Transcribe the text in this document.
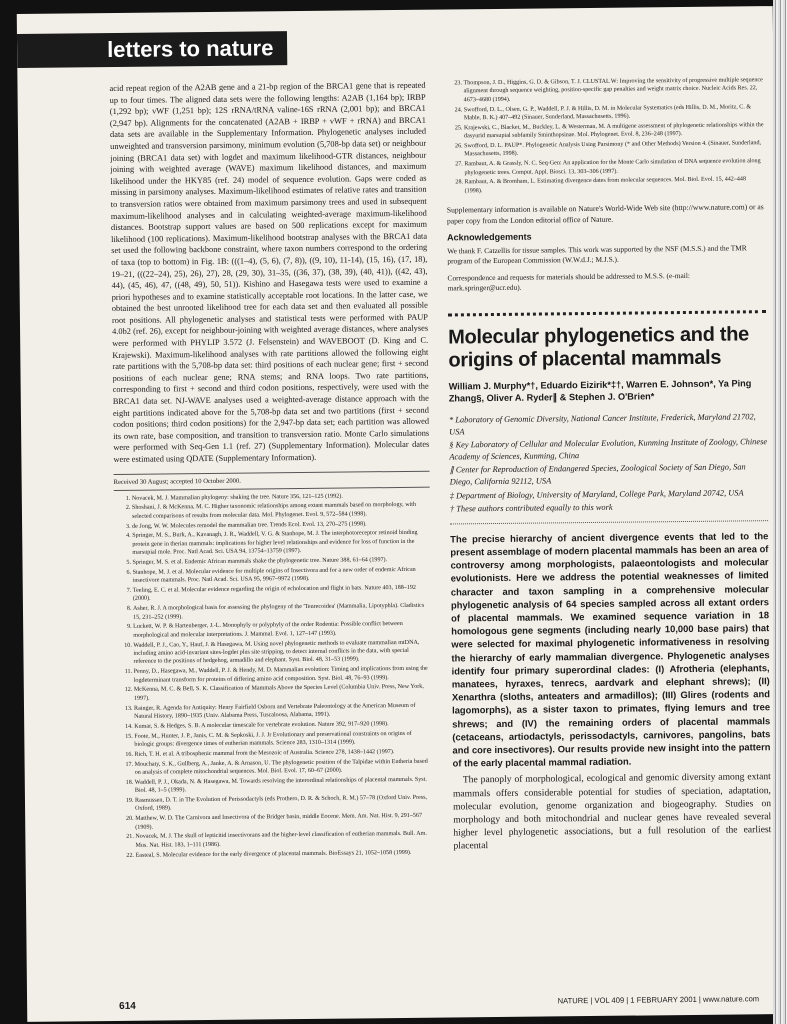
letters to nature

acid repeat region of the A2AB gene and a 21-bp region of the BRCA1 gene that is repeated up to four times. The aligned data sets were the following lengths: A2AB (1,164 bp); IRBP (1,292 bp); vWF (1,251 bp); 12S rRNA/tRNA valine-16S rRNA (2,001 bp); and BRCA1 (2,947 bp). Alignments for the concatenated (A2AB + IRBP + vWF + rRNA) and BRCA1 data sets are available in the Supplementary Information. Phylogenetic analyses included unweighted and transversion parsimony, minimum evolution (5,708-bp data set) or neighbour joining (BRCA1 data set) with logdet and maximum likelihood-GTR distances, neighbour joining with weighted average (WAVE) maximum likelihood distances, and maximum likelihood under the HKY85 (ref. 24) model of sequence evolution. Gaps were coded as missing in parsimony analyses. Maximum-likelihood estimates of relative rates and transition to transversion ratios were obtained from maximum parsimony trees and used in subsequent maximum-likelihood analyses and in calculating weighted-average maximum-likelihood distances. Bootstrap support values are based on 500 replications except for maximum likelihood (100 replications). Maximum-likelihood bootstrap analyses with the BRCA1 data set used the following backbone constraint, where taxon numbers correspond to the ordering of taxa (top to bottom) in Fig. 1B: (((1–4), (5, 6), (7, 8)), ((9, 10), 11-14), (15, 16), (17, 18), 19–21, (((22–24), 25), 26), 27), 28, (29, 30), 31–35, ((36, 37), (38, 39), (40, 41)), ((42, 43), 44), (45, 46), 47, ((48, 49), 50, 51)). Kishino and Hasegawa tests were used to examine a priori hypotheses and to examine statistically acceptable root locations. In the latter case, we obtained the best unrooted likelihood tree for each data set and then evaluated all possible root positions. All phylogenetic analyses and statistical tests were performed with PAUP 4.0b2 (ref. 26), except for neighbour-joining with weighted average distances, where analyses were performed with PHYLIP 3.572 (J. Felsenstein) and WAVEBOOT (D. King and C. Krajewski). Maximum-likelihood analyses with rate partitions allowed the following eight rate partitions with the 5,708-bp data set: third positions of each nuclear gene; first + second positions of each nuclear gene; RNA stems; and RNA loops. Two rate partitions, corresponding to first + second and third codon positions, respectively, were used with the BRCA1 data set. NJ-WAVE analyses used a weighted-average distance approach with the eight partitions indicated above for the 5,708-bp data set and two partitions (first + second codon positions; third codon positions) for the 2,947-bp data set; each partition was allowed its own rate, base composition, and transition to transversion ratio. Monte Carlo simulations were performed with Seq-Gen 1.1 (ref. 27) (Supplementary Information). Molecular dates were estimated using QDATE (Supplementary Information).

Received 30 August; accepted 10 October 2000.
1. Novacek, M. J. Mammalian phylogeny: shaking the tree. Nature 356, 121–125 (1992).
2. Shoshani, J. & McKenna, M. C. Higher taxonomic relationships among extant mammals based on morphology, with selected comparisons of results from molecular data. Mol. Phylogenet. Evol. 9, 572–584 (1998).
3. de Jong, W. W. Molecules remodel the mammalian tree. Trends Ecol. Evol. 13, 270–275 (1998).
4. Springer, M. S., Burk, A., Kavanagh, J. R., Waddell, V. G. & Stanhope, M. J. The interphotoreceptor retinoid binding protein gene in therian mammals: implications for higher level relationships and evidence for loss of function in the marsupial mole. Proc. Natl Acad. Sci. USA 94, 13754–13759 (1997).
5. Springer, M. S. et al. Endemic African mammals shake the phylogenetic tree. Nature 388, 61–64 (1997).
6. Stanhope, M. J. et al. Molecular evidence for multiple origins of Insectivora and for a new order of endemic African insectivore mammals. Proc. Natl Acad. Sci. USA 95, 9967–9972 (1998).
7. Teeling, E. C. et al. Molecular evidence regarding the origin of echolocation and flight in bats. Nature 403, 188–192 (2000).
8. Asher, R. J. A morphological basis for assessing the phylogeny of the 'Tenrecoidea' (Mammalia, Lipotyphla). Cladistics 15, 231–252 (1999).
9. Luckett, W. P. & Hartenberger, J.-L. Monophyly or polyphyly of the order Rodentia: Possible conflict between morphological and molecular interpretations. J. Mammal. Evol. 1, 127–147 (1993).
10. Waddell, P. J., Cao, Y., Hauf, J. & Hasegawa, M. Using novel phylogenetic methods to evaluate mammalian mtDNA, including amino acid-invariant sites-logdet plus site stripping, to detect internal conflicts in the data, with special reference to the positions of hedgehog, armadillo and elephant. Syst. Biol. 48, 31–53 (1999).
11. Penny, D., Hasegawa, M., Waddell, P. J. & Hendy, M. D. Mammalian evolution: Timing and implications from using the logdeterminant transform for proteins of differing amino acid composition. Syst. Biol. 48, 76–93 (1999).
12. McKenna, M. C. & Bell, S. K. Classification of Mammals Above the Species Level (Columbia Univ. Press, New York, 1997).
13. Rainger, R. Agenda for Antiquity: Henry Fairfield Osborn and Vertebrate Paleontology at the American Museum of Natural History, 1890–1935 (Univ. Alabama Press, Tuscaloosa, Alabama, 1991).
14. Kumar, S. & Hedges, S. B. A molecular timescale for vertebrate evolution. Nature 392, 917–920 (1998).
15. Foote, M., Hunter, J. P., Janis, C. M. & Sepkoski, J. J. Jr Evolutionary and preservational constraints on origins of biologic groups: divergence times of eutherian mammals. Science 283, 1310–1314 (1999).
16. Rich, T. H. et al. A tribosphenic mammal from the Mesozoic of Australia. Science 278, 1438–1442 (1997).
17. Mouchaty, S. K., Gullberg, A., Janke, A. & Arnason, U. The phylogenetic position of the Talpidae within Eutheria based on analysis of complete mitochondrial sequences. Mol. Biol. Evol. 17, 60–67 (2000).
18. Waddell, P. J., Okada, N. & Hasegawa, M. Towards resolving the interordinal relationships of placental mammals. Syst. Biol. 48, 1–5 (1999).
19. Rasmussen, D. T. in The Evolution of Perissodactyls (eds Prothero, D. R. & Schoch, R. M.) 57–78 (Oxford Univ. Press, Oxford, 1989).
20. Matthew, W. D. The Carnivora and Insectivora of the Bridger basin, middle Eocene. Mem. Am. Nat. Hist. 9, 291–567 (1909).
21. Novacek, M. J. The skull of lepticitid insectivorans and the higher-level classification of eutherian mammals. Bull. Am. Mus. Nat. Hist. 183, 1–111 (1986).
22. Easteal, S. Molecular evidence for the early divergence of placental mammals. BioEssays 21, 1052–1058 (1999).
23. Thompson, J. D., Higgins, G. D. & Gibson, T. J. CLUSTAL W: Improving the sensitivity of progressive multiple sequence alignment through sequence weighting, position-specific gap penalties and weight matrix choice. Nucleic Acids Res. 22, 4673–4680 (1994).
24. Swofford, D. L., Olsen, G. P., Waddell, P. J. & Hillis, D. M. in Molecular Systematics (eds Hillis, D. M., Moritz, C. & Mable, B. K.) 407–492 (Sinauer, Sunderland, Massachusetts, 1996).
25. Krajewski, C., Blacket, M., Buckley, L. & Westerman, M. A multigene assessment of phylogenetic relationships within the dasyurid marsupial subfamily Sminthopsinae. Mol. Phylogenet. Evol. 8, 236–248 (1997).
26. Swofford, D. L. PAUP*. Phylogenetic Analysis Using Parsimony (* and Other Methods) Version 4. (Sinauer, Sunderland, Massachusetts, 1998).
27. Rambaut, A. & Grassly, N. C. Seq-Gen: An application for the Monte Carlo simulation of DNA sequence evolution along phylogenetic trees. Comput. Appl. Biosci. 13, 303–306 (1997).
28. Rambaut, A. & Bromham, L. Estimating divergence dates from molecular sequences. Mol. Biol. Evol. 15, 442–448 (1998).

Supplementary information is available on Nature's World-Wide Web site (http://www.nature.com) or as paper copy from the London editorial office of Nature.

Acknowledgements

We thank F. Catzellis for tissue samples. This work was supported by the NSF (M.S.S.) and the TMR program of the European Commission (W.W.d.J.; M.J.S.).

Correspondence and requests for materials should be addressed to M.S.S. (e-mail: mark.springer@ucr.edu).

Molecular phylogenetics and the origins of placental mammals
William J. Murphy*†, Eduardo Eizirik*‡†, Warren E. Johnson*, Ya Ping Zhang§, Oliver A. Ryder∥ & Stephen J. O'Brien*
* Laboratory of Genomic Diversity, National Cancer Institute, Frederick, Maryland 21702, USA
§ Key Laboratory of Cellular and Molecular Evolution, Kunming Institute of Zoology, Chinese Academy of Sciences, Kunming, China
∥ Center for Reproduction of Endangered Species, Zoological Society of San Diego, San Diego, California 92112, USA
‡ Department of Biology, University of Maryland, College Park, Maryland 20742, USA
† These authors contributed equally to this work

The precise hierarchy of ancient divergence events that led to the present assemblage of modern placental mammals has been an area of controversy among morphologists, palaeontologists and molecular evolutionists. Here we address the potential weaknesses of limited character and taxon sampling in a comprehensive molecular phylogenetic analysis of 64 species sampled across all extant orders of placental mammals. We examined sequence variation in 18 homologous gene segments (including nearly 10,000 base pairs) that were selected for maximal phylogenetic informativeness in resolving the hierarchy of early mammalian divergence. Phylogenetic analyses identify four primary superordinal clades: (I) Afrotheria (elephants, manatees, hyraxes, tenrecs, aardvark and elephant shrews); (II) Xenarthra (sloths, anteaters and armadillos); (III) Glires (rodents and lagomorphs), as a sister taxon to primates, flying lemurs and tree shrews; and (IV) the remaining orders of placental mammals (cetaceans, artiodactyls, perissodactyls, carnivores, pangolins, bats and core insectivores). Our results provide new insight into the pattern of the early placental mammal radiation.

The panoply of morphological, ecological and genomic diversity among extant mammals offers considerable potential for studies of speciation, adaptation, molecular evolution, genome organization and biogeography. Studies on morphology and both mitochondrial and nuclear genes have revealed several higher level phylogenetic associations, but a full resolution of the earliest placental

614
NATURE | VOL 409 | 1 FEBRUARY 2001 | www.nature.com
